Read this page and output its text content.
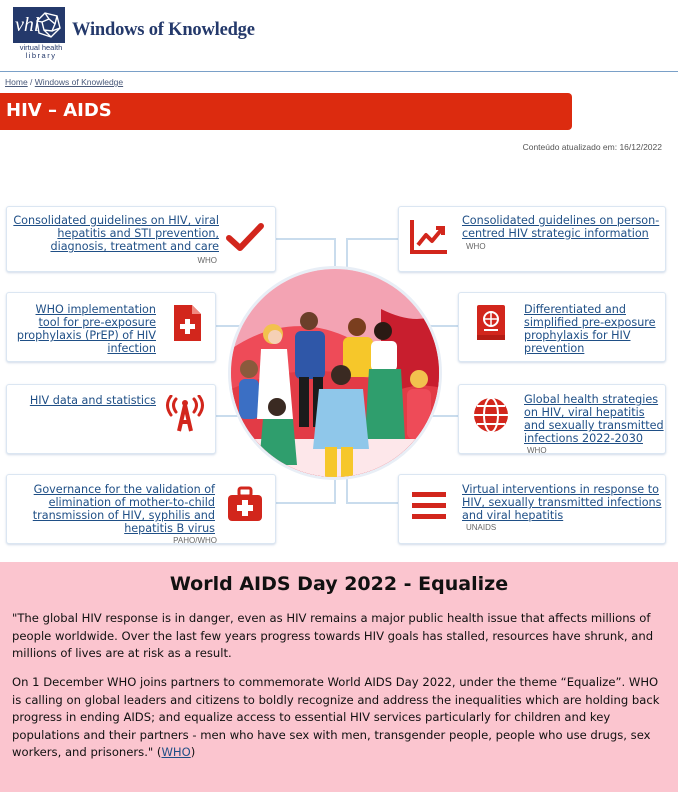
vhl
virtual health
library
Windows of Knowledge
Home / Windows of Knowledge
HIV – AIDS
Conteúdo atualizado em: 16/12/2022
Consolidated guidelines on HIV, viral hepatitis and STI prevention, diagnosis, treatment and care
WHO
Consolidated guidelines on person-centred HIV strategic information
WHO
WHO implementation tool for pre-exposure prophylaxis (PrEP) of HIV infection
Differentiated and simplified pre-exposure prophylaxis for HIV prevention
HIV data and statistics	Global health strategies on HIV, viral hepatitis and sexually transmitted infections 2022-2030
WHO
Governance for the validation of elimination of mother-to-child transmission of HIV, syphilis and hepatitis B virus
PAHO/WHO
Virtual interventions in response to HIV, sexually transmitted infections and viral hepatitis
UNAIDS
World AIDS Day 2022 - Equalize

"The global HIV response is in danger, even as HIV remains a major public health issue that affects millions of people worldwide. Over the last few years progress towards HIV goals has stalled, resources have shrunk, and millions of lives are at risk as a result.

On 1 December WHO joins partners to commemorate World AIDS Day 2022, under the theme “Equalize”. WHO is calling on global leaders and citizens to boldly recognize and address the inequalities which are holding back progress in ending AIDS; and equalize access to essential HIV services particularly for children and key populations and their partners - men who have sex with men, transgender people, people who use drugs, sex workers, and prisoners." (WHO)
